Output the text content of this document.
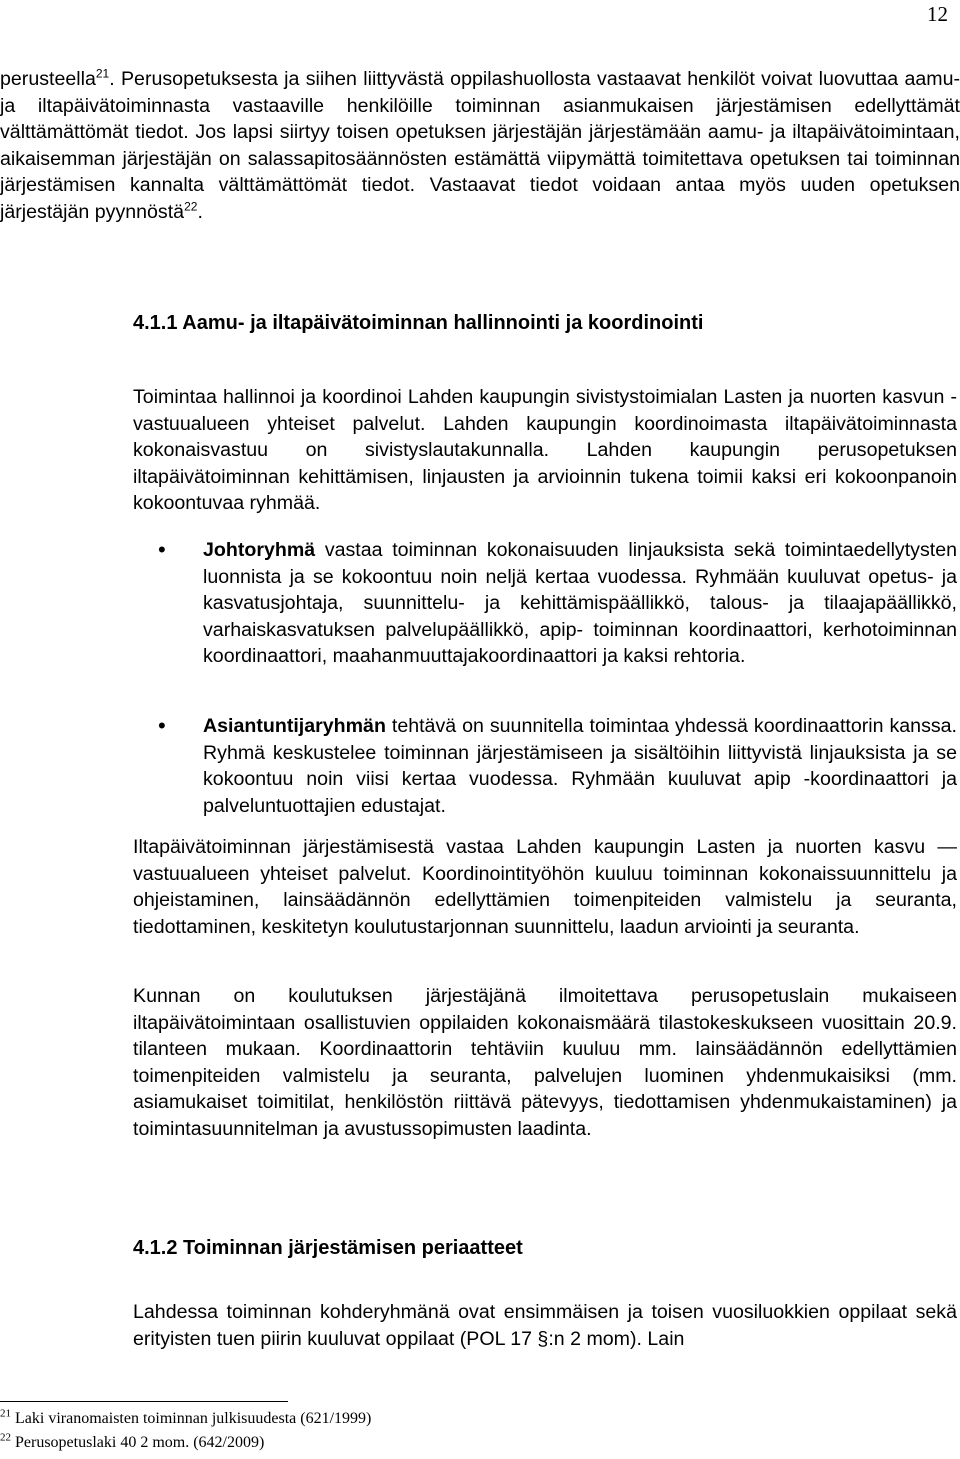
12

perusteella$^{21}$. Perusopetuksesta ja siihen liittyvästä oppilashuollosta vastaavat henkilöt voivat luovuttaa aamu- ja iltapäivätoiminnasta vastaaville henkilöille toiminnan asianmukaisen järjestämisen edellyttämät välttämättömät tiedot. Jos lapsi siirtyy toisen opetuksen järjestäjän järjestämään aamu- ja iltapäivätoimintaan, aikaisemman järjestäjän on salassapitosäännösten estämättä viipymättä toimitettava opetuksen tai toiminnan järjestämisen kannalta välttämättömät tiedot. Vastaavat tiedot voidaan antaa myös uuden opetuksen järjestäjän pyynnöstä$^{22}$.

4.1.1 Aamu- ja iltapäivätoiminnan hallinnointi ja koordinointi

Toimintaa hallinnoi ja koordinoi Lahden kaupungin sivistystoimialan Lasten ja nuorten kasvun - vastuualueen yhteiset palvelut. Lahden kaupungin koordinoimasta iltapäivätoiminnasta kokonaisvastuu on sivistyslautakunnalla. Lahden kaupungin perusopetuksen iltapäivätoiminnan kehittämisen, linjausten ja arvioinnin tukena toimii kaksi eri kokoonpanoin kokoontuvaa ryhmää.

• Johtoryhmä vastaa toiminnan kokonaisuuden linjauksista sekä toimintaedellytysten luonnista ja se kokoontuu noin neljä kertaa vuodessa. Ryhmään kuuluvat opetus- ja kasvatusjohtaja, suunnittelu- ja kehittämispäällikkö, talous- ja tilaajapäällikkö, varhaiskasvatuksen palvelupäällikkö, apip- toiminnan koordinaattori, kerhotoiminnan koordinaattori, maahanmuuttajakoordinaattori ja kaksi rehtoria.
• Asiantuntijaryhmän tehtävä on suunnitella toimintaa yhdessä koordinaattorin kanssa. Ryhmä keskustelee toiminnan järjestämiseen ja sisältöihin liittyvistä linjauksista ja se kokoontuu noin viisi kertaa vuodessa. Ryhmään kuuluvat apip -koordinaattori ja palveluntuottajien edustajat.

Iltapäivätoiminnan järjestämisestä vastaa Lahden kaupungin Lasten ja nuorten kasvu — vastuualueen yhteiset palvelut. Koordinointityöhön kuuluu toiminnan kokonaissuunnittelu ja ohjeistaminen, lainsäädännön edellyttämien toimenpiteiden valmistelu ja seuranta, tiedottaminen, keskitetyn koulutustarjonnan suunnittelu, laadun arviointi ja seuranta.

Kunnan on koulutuksen järjestäjänä ilmoitettava perusopetuslain mukaiseen iltapäivätoimintaan osallistuvien oppilaiden kokonaismäärä tilastokeskukseen vuosittain 20.9. tilanteen mukaan. Koordinaattorin tehtäviin kuuluu mm. lainsäädännön edellyttämien toimenpiteiden valmistelu ja seuranta, palvelujen luominen yhdenmukaisiksi (mm. asiamukaiset toimitilat, henkilöstön riittävä pätevyys, tiedottamisen yhdenmukaistaminen) ja toimintasuunnitelman ja avustussopimusten laadinta.

4.1.2 Toiminnan järjestämisen periaatteet

Lahdessa toiminnan kohderyhmänä ovat ensimmäisen ja toisen vuosiluokkien oppilaat sekä erityisten tuen piirin kuuluvat oppilaat (POL 17 §:n 2 mom). Lain

$^{21}$ Laki viranomaisten toiminnan julkisuudesta (621/1999)

$^{22}$ Perusopetuslaki 40 2 mom. (642/2009)
